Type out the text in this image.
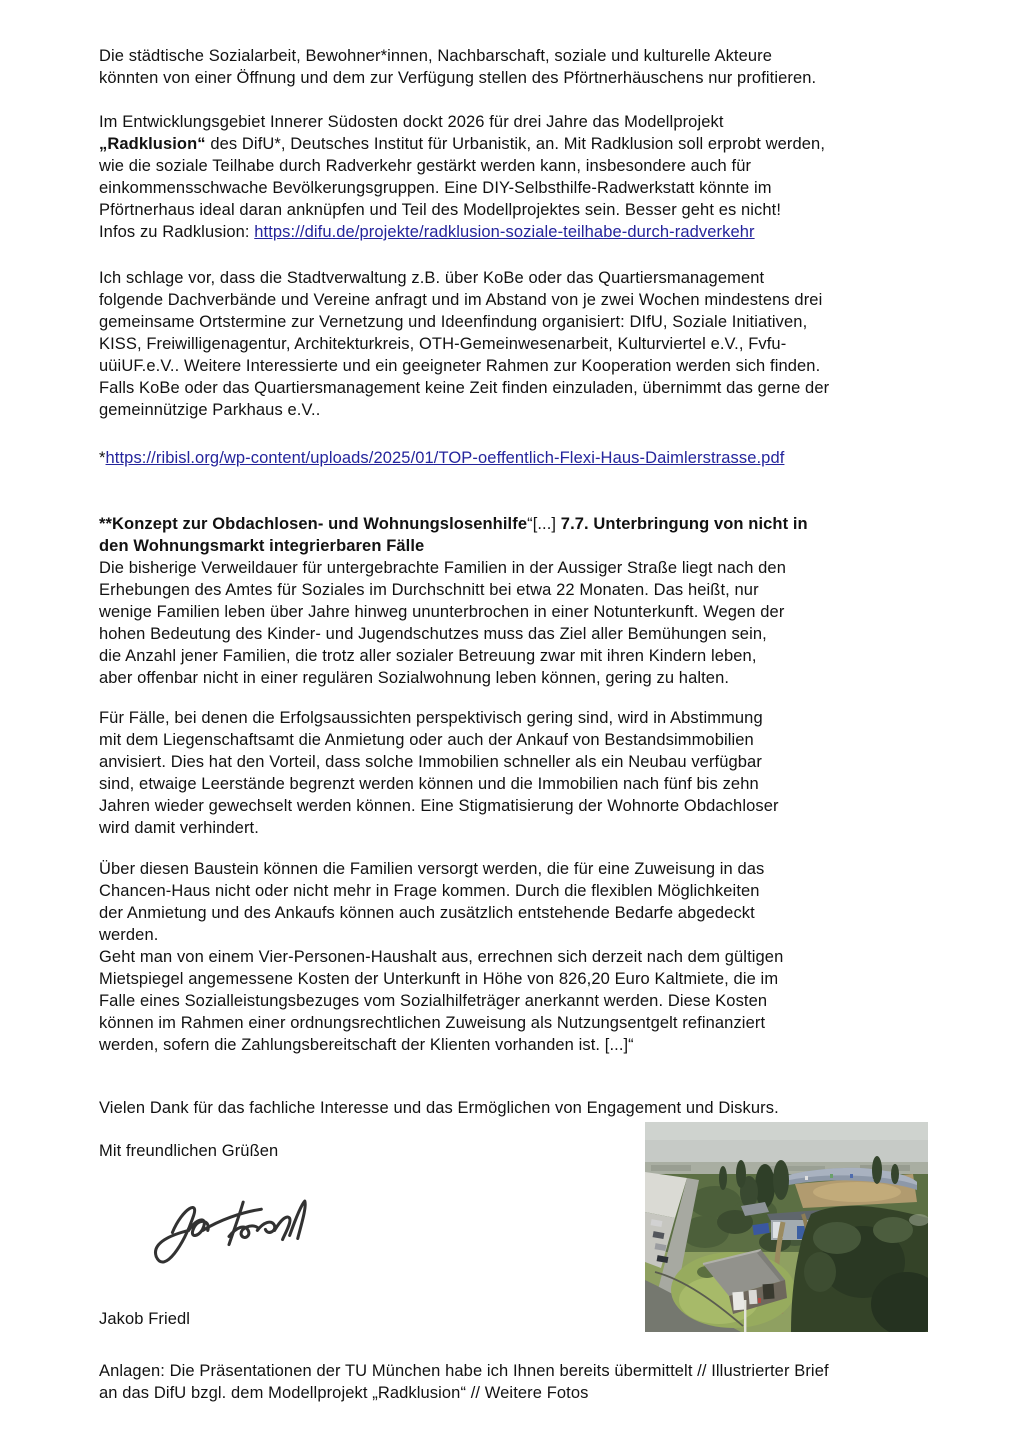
Die städtische Sozialarbeit, Bewohner*innen, Nachbarschaft, soziale und kulturelle Akteure
könnten von einer Öffnung und dem zur Verfügung stellen des Pförtnerhäuschens nur profitieren.
Im Entwicklungsgebiet Innerer Südosten dockt 2026 für drei Jahre das Modellprojekt
„Radklusion“ des DifU*, Deutsches Institut für Urbanistik, an. Mit Radklusion soll erprobt werden,
wie die soziale Teilhabe durch Radverkehr gestärkt werden kann, insbesondere auch für
einkommensschwache Bevölkerungsgruppen. Eine DIY-Selbsthilfe-Radwerkstatt könnte im
Pförtnerhaus ideal daran anknüpfen und Teil des Modellprojektes sein. Besser geht es nicht!
Infos zu Radklusion: https://difu.de/projekte/radklusion-soziale-teilhabe-durch-radverkehr
Ich schlage vor, dass die Stadtverwaltung z.B. über KoBe oder das Quartiersmanagement
folgende Dachverbände und Vereine anfragt und im Abstand von je zwei Wochen mindestens drei
gemeinsame Ortstermine zur Vernetzung und Ideenfindung organisiert: DIfU, Soziale Initiativen,
KISS, Freiwilligenagentur, Architekturkreis, OTH-Gemeinwesenarbeit, Kulturviertel e.V., Fvfu-
uüiUF.e.V.. Weitere Interessierte und ein geeigneter Rahmen zur Kooperation werden sich finden.
Falls KoBe oder das Quartiersmanagement keine Zeit finden einzuladen, übernimmt das gerne der
gemeinnützige Parkhaus e.V..
*https://ribisl.org/wp-content/uploads/2025/01/TOP-oeffentlich-Flexi-Haus-Daimlerstrasse.pdf
**Konzept zur Obdachlosen- und Wohnungslosenhilfe“[...] 7.7. Unterbringung von nicht in
den Wohnungsmarkt integrierbaren Fälle
Die bisherige Verweildauer für untergebrachte Familien in der Aussiger Straße liegt nach den
Erhebungen des Amtes für Soziales im Durchschnitt bei etwa 22 Monaten. Das heißt, nur
wenige Familien leben über Jahre hinweg ununterbrochen in einer Notunterkunft. Wegen der
hohen Bedeutung des Kinder- und Jugendschutzes muss das Ziel aller Bemühungen sein,
die Anzahl jener Familien, die trotz aller sozialer Betreuung zwar mit ihren Kindern leben,
aber offenbar nicht in einer regulären Sozialwohnung leben können, gering zu halten.
Für Fälle, bei denen die Erfolgsaussichten perspektivisch gering sind, wird in Abstimmung
mit dem Liegenschaftsamt die Anmietung oder auch der Ankauf von Bestandsimmobilien
anvisiert. Dies hat den Vorteil, dass solche Immobilien schneller als ein Neubau verfügbar
sind, etwaige Leerstände begrenzt werden können und die Immobilien nach fünf bis zehn
Jahren wieder gewechselt werden können. Eine Stigmatisierung der Wohnorte Obdachloser
wird damit verhindert.
Über diesen Baustein können die Familien versorgt werden, die für eine Zuweisung in das
Chancen-Haus nicht oder nicht mehr in Frage kommen. Durch die flexiblen Möglichkeiten
der Anmietung und des Ankaufs können auch zusätzlich entstehende Bedarfe abgedeckt
werden.
Geht man von einem Vier-Personen-Haushalt aus, errechnen sich derzeit nach dem gültigen
Mietspiegel angemessene Kosten der Unterkunft in Höhe von 826,20 Euro Kaltmiete, die im
Falle eines Sozialleistungsbezuges vom Sozialhilfeträger anerkannt werden. Diese Kosten
können im Rahmen einer ordnungsrechtlichen Zuweisung als Nutzungsentgelt refinanziert
werden, sofern die Zahlungsbereitschaft der Klienten vorhanden ist. [...]“
Vielen Dank für das fachliche Interesse und das Ermöglichen von Engagement und Diskurs.
Mit freundlichen Grüßen
Jakob Friedl
Anlagen: Die Präsentationen der TU München habe ich Ihnen bereits übermittelt // Illustrierter Brief
an das DifU bzgl. dem Modellprojekt „Radklusion“ // Weitere Fotos
